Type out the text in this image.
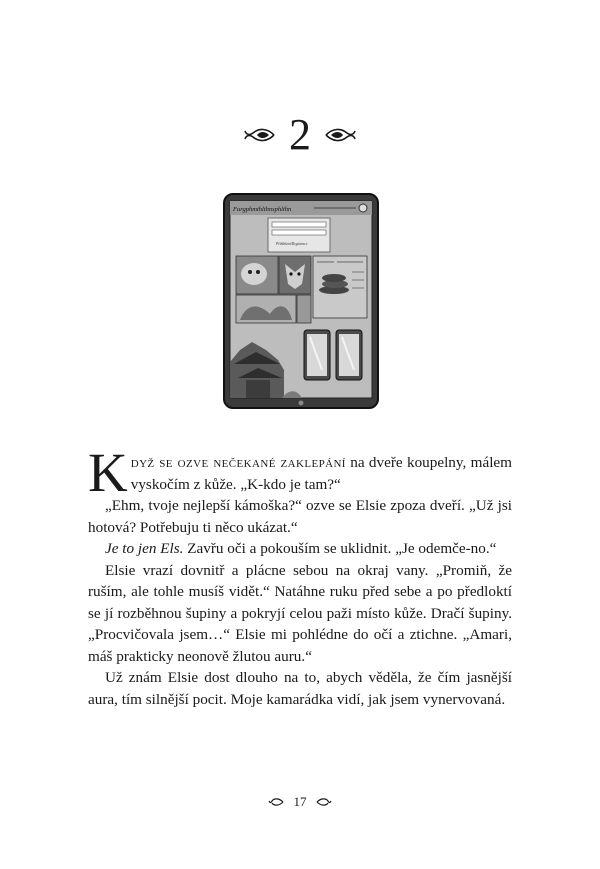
2
Furgphmthlthnsphlthn
Přihlášení/Registrace

Když se ozve nečekané zaklepání na dveře koupelny, málem vyskočím z kůže. „K-kdo je tam?“

„Ehm, tvoje nejlepší kámoška?“ ozve se Elsie zpoza dveří. „Už jsi hotová? Potřebuju ti něco ukázat.“

Je to jen Els. Zavřu oči a pokouším se uklidnit. „Je odemče-no.“

Elsie vrazí dovnitř a plácne sebou na okraj vany. „Promiň, že ruším, ale tohle musíš vidět.“ Natáhne ruku před sebe a po předloktí se jí rozběhnou šupiny a pokryjí celou paži místo kůže. Dračí šupiny. „Procvičovala jsem…“ Elsie mi pohlédne do očí a ztichne. „Amari, máš prakticky neonově žlutou auru.“

Už znám Elsie dost dlouho na to, abych věděla, že čím jasnější aura, tím silnější pocit. Moje kamarádka vidí, jak jsem vynervovaná.

17
